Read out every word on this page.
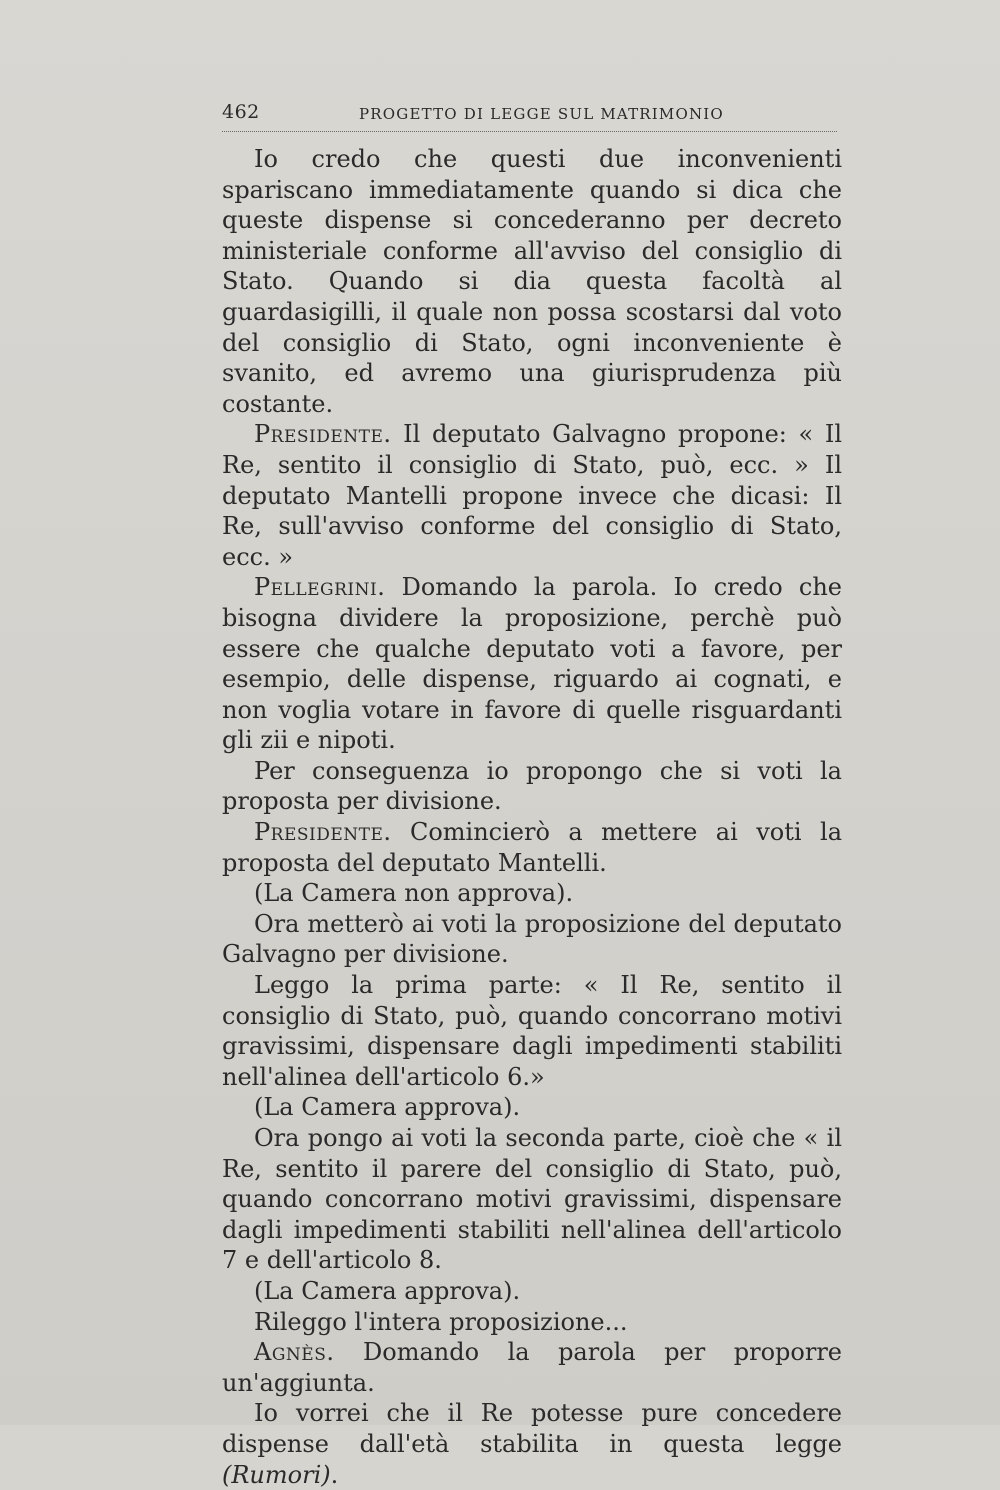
462	PROGETTO DI LEGGE SUL MATRIMONIO

Io credo che questi due inconvenienti spariscano immediatamente quando si dica che queste dispense si concederanno per decreto ministeriale conforme all'avviso del consiglio di Stato. Quando si dia questa facoltà al guardasigilli, il quale non possa scostarsi dal voto del consiglio di Stato, ogni inconveniente è svanito, ed avremo una giurisprudenza più costante.

Presidente. Il deputato Galvagno propone: « Il Re, sentito il consiglio di Stato, può, ecc. » Il deputato Mantelli propone invece che dicasi: Il Re, sull'avviso conforme del consiglio di Stato, ecc. »

Pellegrini. Domando la parola. Io credo che bisogna dividere la proposizione, perchè può essere che qualche deputato voti a favore, per esempio, delle dispense, riguardo ai cognati, e non voglia votare in favore di quelle risguardanti gli zii e nipoti.

Per conseguenza io propongo che si voti la proposta per divisione.

Presidente. Comincierò a mettere ai voti la proposta del deputato Mantelli.

(La Camera non approva).

Ora metterò ai voti la proposizione del deputato Galvagno per divisione.

Leggo la prima parte: « Il Re, sentito il consiglio di Stato, può, quando concorrano motivi gravissimi, dispensare dagli impedimenti stabiliti nell'alinea dell'articolo 6.»

(La Camera approva).

Ora pongo ai voti la seconda parte, cioè che « il Re, sentito il parere del consiglio di Stato, può, quando concorrano motivi gravissimi, dispensare dagli impedimenti stabiliti nell'alinea dell'articolo 7 e dell'articolo 8.

(La Camera approva).

Rileggo l'intera proposizione...

Agnès. Domando la parola per proporre un'aggiunta.

Io vorrei che il Re potesse pure concedere dispense dall'età stabilita in questa legge (Rumori).
